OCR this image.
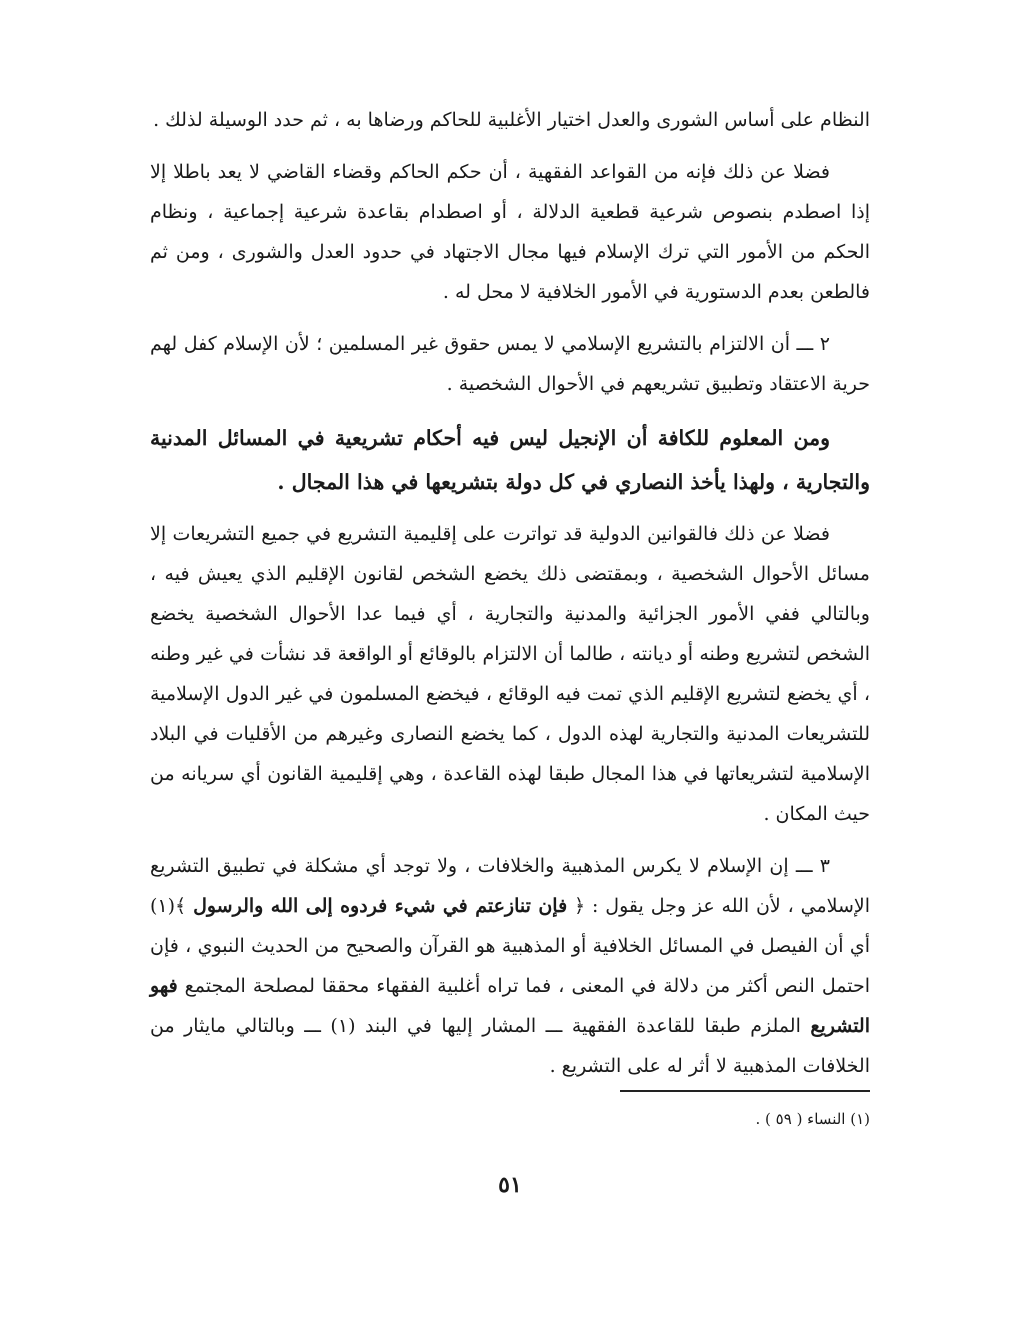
النظام على أساس الشورى والعدل اختيار الأغلبية للحاكم ورضاها به ، ثم حدد الوسيلة لذلك .

فضلا عن ذلك فإنه من القواعد الفقهية ، أن حكم الحاكم وقضاء القاضي لا يعد باطلا إلا إذا اصطدم بنصوص شرعية قطعية الدلالة ، أو اصطدام بقاعدة شرعية إجماعية ، ونظام الحكم من الأمور التي ترك الإسلام فيها مجال الاجتهاد في حدود العدل والشورى ، ومن ثم فالطعن بعدم الدستورية في الأمور الخلافية لا محل له .

٢ ـــ أن الالتزام بالتشريع الإسلامي لا يمس حقوق غير المسلمين ؛ لأن الإسلام كفل لهم حرية الاعتقاد وتطبيق تشريعهم في الأحوال الشخصية .

ومن المعلوم للكافة أن الإنجيل ليس فيه أحكام تشريعية في المسائل المدنية والتجارية ، ولهذا يأخذ النصاري في كل دولة بتشريعها في هذا المجال .

فضلا عن ذلك فالقوانين الدولية قد تواترت على إقليمية التشريع في جميع التشريعات إلا مسائل الأحوال الشخصية ، وبمقتضى ذلك يخضع الشخص لقانون الإقليم الذي يعيش فيه ، وبالتالي ففي الأمور الجزائية والمدنية والتجارية ، أي فيما عدا الأحوال الشخصية يخضع الشخص لتشريع وطنه أو ديانته ، طالما أن الالتزام بالوقائع أو الواقعة قد نشأت في غير وطنه ، أي يخضع لتشريع الإقليم الذي تمت فيه الوقائع ، فيخضع المسلمون في غير الدول الإسلامية للتشريعات المدنية والتجارية لهذه الدول ، كما يخضع النصارى وغيرهم من الأقليات في البلاد الإسلامية لتشريعاتها في هذا المجال طبقا لهذه القاعدة ، وهي إقليمية القانون أي سريانه من حيث المكان .

٣ ـــ إن الإسلام لا يكرس المذهبية والخلافات ، ولا توجد أي مشكلة في تطبيق التشريع الإسلامي ، لأن الله عز وجل يقول : ﴿ فإن تنازعتم في شيء فردوه إلى الله والرسول ﴾(١) أي أن الفيصل في المسائل الخلافية أو المذهبية هو القرآن والصحيح من الحديث النبوي ، فإن احتمل النص أكثر من دلالة في المعنى ، فما تراه أغلبية الفقهاء محققا لمصلحة المجتمع فهو التشريع الملزم طبقا للقاعدة الفقهية ـــ المشار إليها في البند (١) ـــ وبالتالي مايثار من الخلافات المذهبية لا أثر له على التشريع .

(١) النساء ( ٥٩ ) .
٥١
